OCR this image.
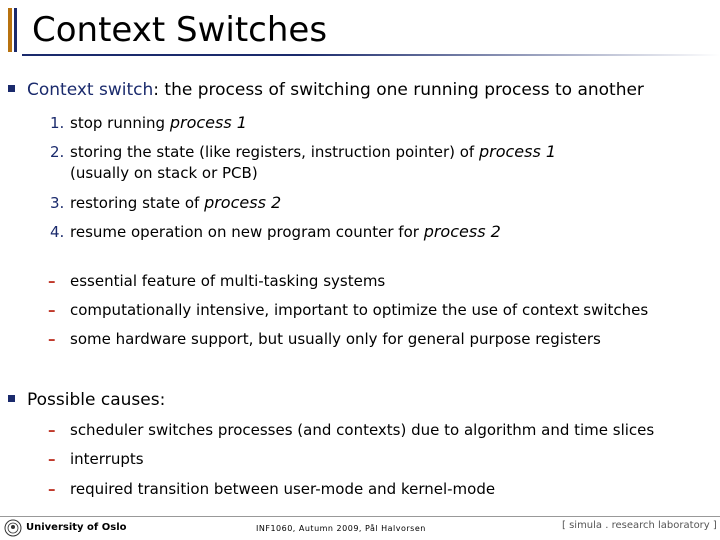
Context Switches
Context switch: the process of switching one running process to another
1. stop running process 1
2. storing the state (like registers, instruction pointer) of process 1
(usually on stack or PCB)
3. restoring state of process 2
4. resume operation on new program counter for process 2
– essential feature of multi-tasking systems
– computationally intensive, important to optimize the use of context switches
– some hardware support, but usually only for general purpose registers
Possible causes:
– scheduler switches processes (and contexts) due to algorithm and time slices
– interrupts
– required transition between user-mode and kernel-mode
University of Oslo	INF1060, Autumn 2009, Pål Halvorsen	[ simula . research laboratory ]
